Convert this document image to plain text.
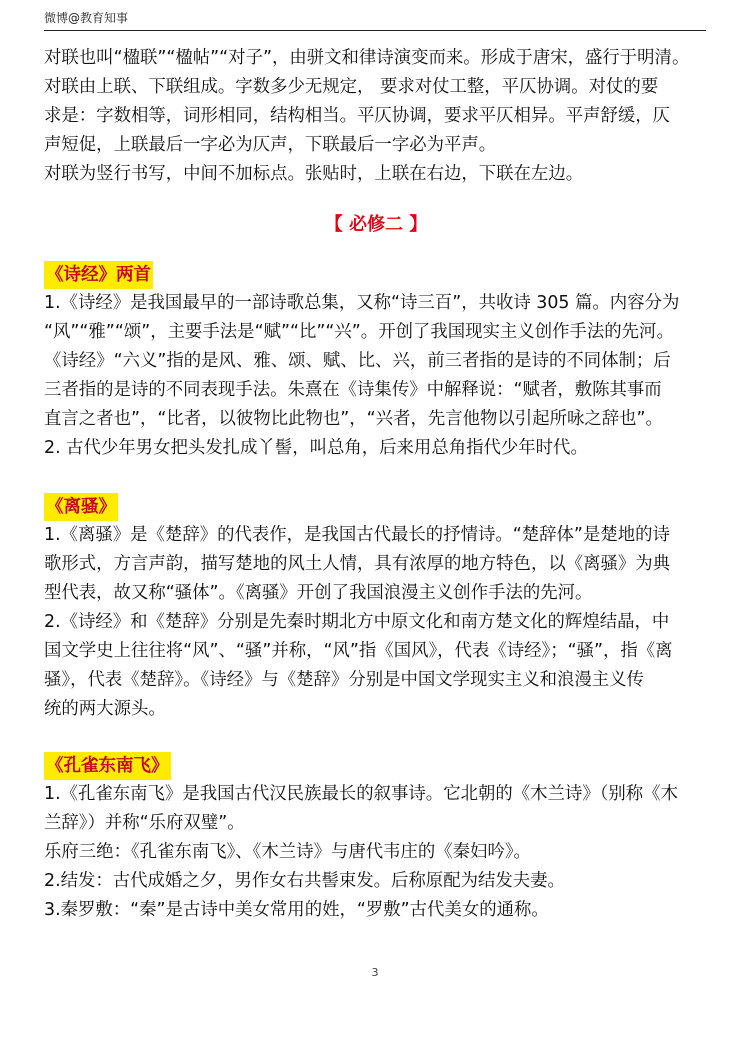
微博@教育知事

对联也叫“楹联”“楹帖”“对子”，由骈文和律诗演变而来。形成于唐宋，盛行于明清。

对联由上联、下联组成。字数多少无规定， 要求对仗工整，平仄协调。对仗的要

求是：字数相等，词形相同，结构相当。平仄协调，要求平仄相异。平声舒缓，仄

声短促，上联最后一字必为仄声，下联最后一字必为平声。

对联为竖行书写，中间不加标点。张贴时，上联在右边，下联在左边。

【 必修二 】

《诗经》两首

1.《诗经》是我国最早的一部诗歌总集，又称“诗三百”，共收诗 305 篇。内容分为

“风”“雅”“颂”，主要手法是“赋”“比”“兴”。开创了我国现实主义创作手法的先河。

《诗经》“六义”指的是风、雅、颂、赋、比、兴，前三者指的是诗的不同体制；后

三者指的是诗的不同表现手法。朱熹在《诗集传》中解释说：“赋者，敷陈其事而

直言之者也”，“比者，以彼物比此物也”，“兴者，先言他物以引起所咏之辞也”。

2. 古代少年男女把头发扎成丫髻，叫总角，后来用总角指代少年时代。

《离骚》

1.《离骚》是《楚辞》的代表作，是我国古代最长的抒情诗。“楚辞体”是楚地的诗

歌形式，方言声韵，描写楚地的风土人情，具有浓厚的地方特色，以《离骚》为典

型代表，故又称“骚体”。《离骚》开创了我国浪漫主义创作手法的先河。

2.《诗经》和《楚辞》分别是先秦时期北方中原文化和南方楚文化的辉煌结晶，中

国文学史上往往将“风”、“骚”并称，“风”指《国风》，代表《诗经》；“骚”，指《离

骚》，代表《楚辞》。《诗经》与《楚辞》分别是中国文学现实主义和浪漫主义传

统的两大源头。

《孔雀东南飞》

1.《孔雀东南飞》是我国古代汉民族最长的叙事诗。它北朝的《木兰诗》（别称《木

兰辞》）并称“乐府双璧”。

乐府三绝：《孔雀东南飞》、《木兰诗》与唐代韦庄的《秦妇吟》。

2.结发：古代成婚之夕，男作女右共髻束发。后称原配为结发夫妻。

3.秦罗敷：“秦”是古诗中美女常用的姓，“罗敷”古代美女的通称。

3
